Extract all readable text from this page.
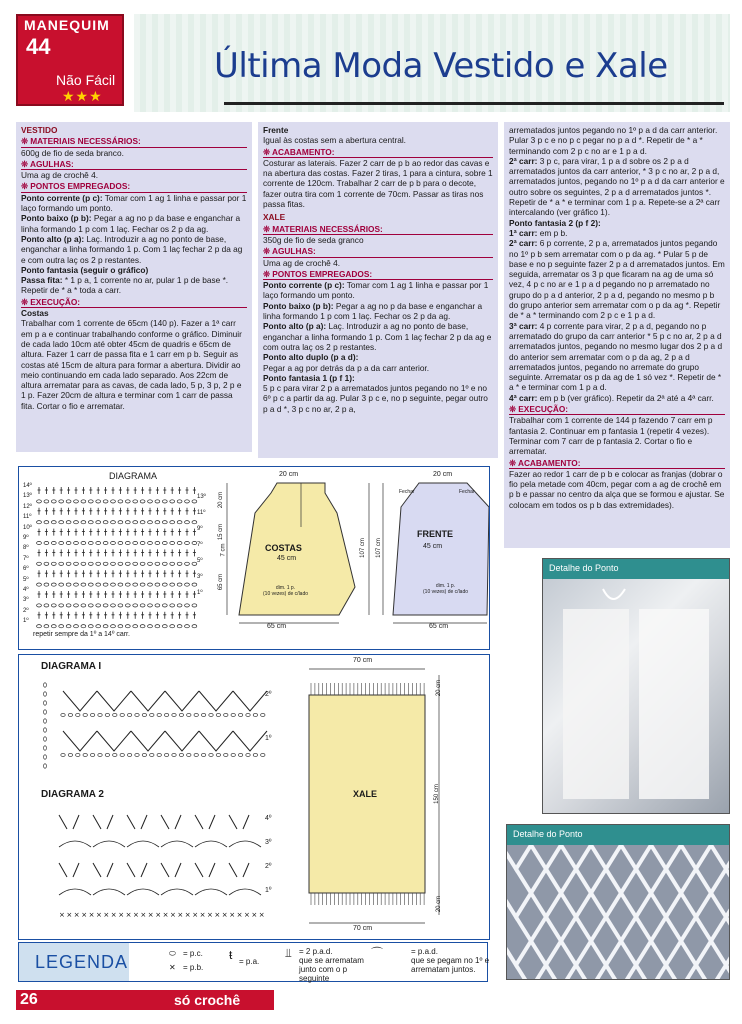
MANEQUIM
44
Não Fácil
★★★
Última Moda Vestido e Xale

VESTIDO

❊ MATERIAIS NECESSÁRIOS:

600g de fio de seda branco.

❊ AGULHAS:

Uma ag de crochê 4.

❊ PONTOS EMPREGADOS:

Ponto corrente (p c): Tomar com 1 ag 1 linha e passar por 1 laço formando um ponto.

Ponto baixo (p b): Pegar a ag no p da base e enganchar a linha formando 1 p com 1 laç. Fechar os 2 p da ag.

Ponto alto (p a): Laç. Introduzir a ag no ponto de base, enganchar a linha formando 1 p. Com 1 laç fechar 2 p da ag e com outra laç os 2 p restantes.

Ponto fantasia (seguir o gráfico)

Passa fita: * 1 p a, 1 corrente no ar, pular 1 p de base *. Repetir de * a * toda a carr.

❊ EXECUÇÃO:

Costas

Trabalhar com 1 corrente de 65cm (140 p). Fazer a 1ª carr em p a e continuar trabalhando conforme o gráfico. Diminuir de cada lado 10cm até obter 45cm de quadris e 65cm de altura. Fazer 1 carr de passa fita e 1 carr em p b. Seguir as costas até 15cm de altura para formar a abertura. Dividir ao meio continuando em cada lado separado. Aos 22cm de altura arrematar para as cavas, de cada lado, 5 p, 3 p, 2 p e 1 p. Fazer 20cm de altura e terminar com 1 carr de passa fita. Cortar o fio e arrematar.

Frente

Igual às costas sem a abertura central.

❊ ACABAMENTO:

Costurar as laterais. Fazer 2 carr de p b ao redor das cavas e na abertura das costas. Fazer 2 tiras, 1 para a cintura, sobre 1 corrente de 120cm. Trabalhar 2 carr de p b para o decote, fazer outra tira com 1 corrente de 70cm. Passar as tiras nos passa fitas.

XALE

❊ MATERIAIS NECESSÁRIOS:

350g de fio de seda granco

❊ AGULHAS:

Uma ag de crochê 4.

❊ PONTOS EMPREGADOS:

Ponto corrente (p c): Tomar com 1 ag 1 linha e passar por 1 laço formando um ponto.

Ponto baixo (p b): Pegar a ag no p da base e enganchar a linha formando 1 p com 1 laç. Fechar os 2 p da ag.

Ponto alto (p a): Laç. Introduzir a ag no ponto de base, enganchar a linha formando 1 p. Com 1 laç fechar 2 p da ag e com outra laç os 2 p restantes.

Ponto alto duplo (p a d):

Pegar a ag por detrás da p a da carr anterior.

Ponto fantasia 1 (p f 1):

5 p c para virar 2 p a arrematados juntos pegando no 1º e no 6º p c a partir da ag. Pular 3 p c e, no p seguinte, pegar outro p a d *, 3 p c no ar, 2 p a,

arrematados juntos pegando no 1º p a d da carr anterior. Pular 3 p c e no p c pegar no p a d *. Repetir de * a * terminando com 2 p c no ar e 1 p a d.

2ª carr: 3 p c, para virar, 1 p a d sobre os 2 p a d arrematados juntos da carr anterior, * 3 p c no ar, 2 p a d, arrematados juntos, pegando no 1º p a d da carr anterior e outro sobre os seguintes, 2 p a d arrematados juntos *. Repetir de * a * e terminar com 1 p a. Repete-se a 2ª carr intercalando (ver gráfico 1).

Ponto fantasia 2 (p f 2):

1ª carr: em p b.

2ª carr: 6 p corrente, 2 p a, arrematados juntos pegando no 1º p b sem arrematar com o p da ag. * Pular 5 p de base e no p seguinte fazer 2 p a d arrematados juntos. Em seguida, arrematar os 3 p que ficaram na ag de uma só vez, 4 p c no ar e 1 p a d pegando no p arrematado no grupo do p a d anterior, 2 p a d, pegando no mesmo p b do grupo anterior sem arrematar com o p da ag *. Repetir de * a * terminando com 2 p c e 1 p a d.

3ª carr: 4 p corrente para virar, 2 p a d, pegando no p arrematado do grupo da carr anterior * 5 p c no ar, 2 p a d arrematados juntos, pegando no mesmo lugar dos 2 p a d do anterior sem arrematar com o p da ag, 2 p a d arrematados juntos, pegando no arremate do grupo seguinte. Arrematar os p da ag de 1 só vez *. Repetir de * a * e terminar com 1 p a d.

4ª carr: em p b (ver gráfico). Repetir da 2ª até a 4ª carr.

❊ EXECUÇÃO:

Trabalhar com 1 corrente de 144 p fazendo 7 carr em p fantasia 2. Continuar em p fantasia 1 (repetir 4 vezes). Terminar com 7 carr de p fantasia 2. Cortar o fio e arrematar.

❊ ACABAMENTO:

Fazer ao redor 1 carr de p b e colocar as franjas (dobrar o fio pela metade com 40cm, pegar com a ag de crochê em p b e passar no centro da alça que se formou e ajustar. Se colocam em todos os p b das extremidades).

DIAGRAMA
14º
13º
12º
11º
10º
9º
8º
7º
6º
5º
4º
3º
2º
1º
13º
11º
9º
7º
5º
3º
1º
repetir sempre da 1º a 14º carr.
20 cm
COSTAS
45 cm
65 cm
dim. 1 p.
(10 vezes) de c/lado
20 cm
15 cm
7 cm
65 cm
107 cm 107 cm
20 cm
Fechar	Fechar
FRENTE
45 cm
dim. 1 p.
(10 vezes) de c/lado
65 cm
DIAGRAMA I
DIAGRAMA 2
× × × × × × × × × × × × × × × × × × × × × × × × × × × ×
2º
1º
4º
3º
2º
1º
70 cm
XALE
70 cm
20 cm
150 cm
20 cm
LEGENDA	⬭ = p.c.
✕ = p.b.
ŧ = p.a.
⫫ = 2 p.a.d.
que se arrematam junto com o p seguinte
⌒	= p.a.d.
que se pegam no 1º e arrematam juntos.
Detalhe do Ponto
Detalhe do Ponto
26	só crochê
